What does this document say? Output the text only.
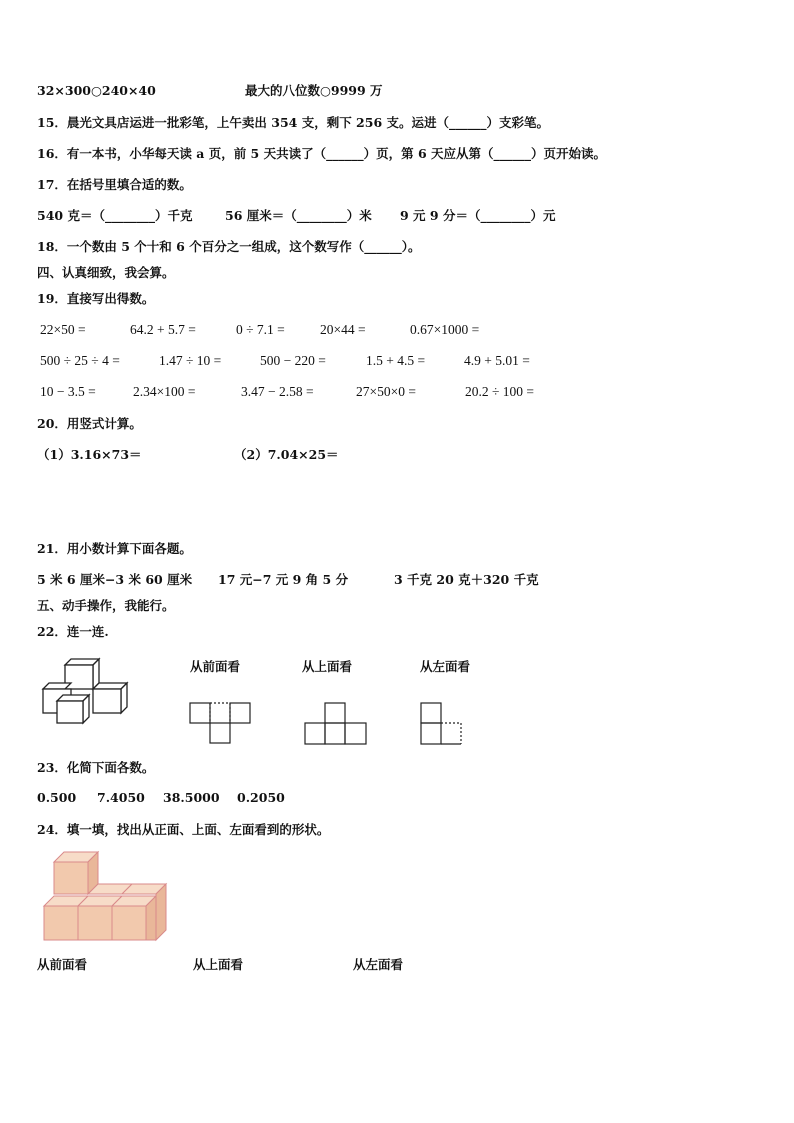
32×300○240×40	最大的八位数○9999 万
15．晨光文具店运进一批彩笔，上午卖出 354 支，剩下 256 支。运进（______）支彩笔。
16．有一本书，小华每天读 a 页，前 5 天共读了（______）页，第 6 天应从第（______）页开始读。
17．在括号里填合适的数。
540 克＝（________）千克	56 厘米＝（________）米 9 元 9 分＝（________）元
18．一个数由 5 个十和 6 个百分之一组成，这个数写作（______）。
四、认真细致，我会算。
19．直接写出得数。
22×50 =	64.2 + 5.7 =	0 ÷ 7.1 =	20×44 =	0.67×1000 =
500 ÷ 25 ÷ 4 =	1.47 ÷ 10 =	500 − 220 =	1.5 + 4.5 =	4.9 + 5.01 =
10 − 3.5 =	2.34×100 =	3.47 − 2.58 =	27×50×0 =	20.2 ÷ 100 =
20．用竖式计算。
（1）3.16×73＝	（2）7.04×25＝
21．用小数计算下面各题。
5 米 6 厘米−3 米 60 厘米 17 元−7 元 9 角 5 分	3 千克 20 克＋320 千克
五、动手操作，我能行。
22．连一连.
从前面看	从上面看	从左面看
23．化简下面各数。
0.500 7.4050 38.5000 0.2050
24．填一填，找出从正面、上面、左面看到的形状。
从前面看	从上面看	从左面看
